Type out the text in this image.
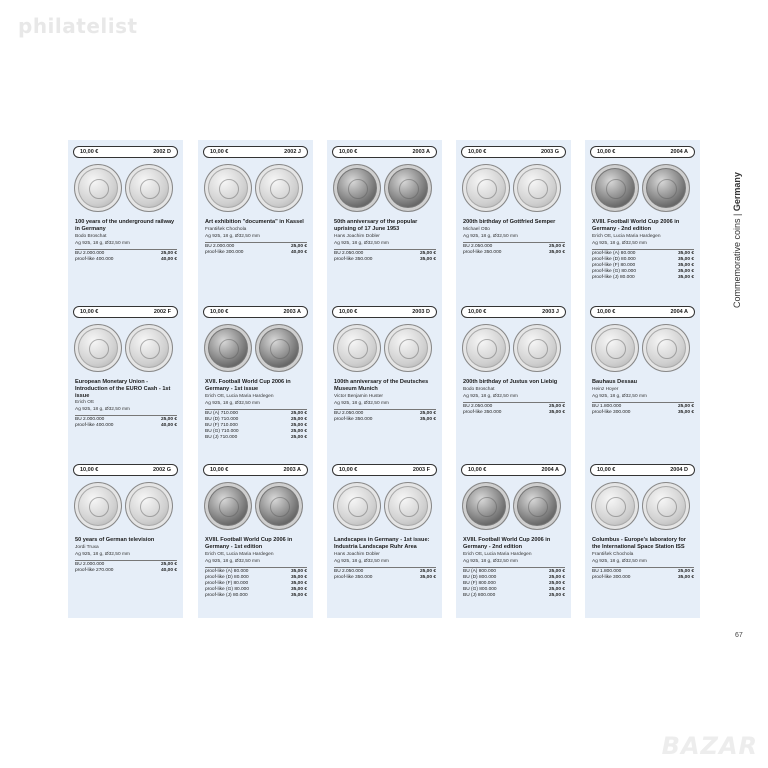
philatelist
BAZAR
10,00 €	2002 D
100 years of the underground railway in Germany
Bodo Broschat
Ag 925, 18 g, Ø32,50 mm
BU 2.000.000	25,00 €
proof-like 400.000	40,00 €
10,00 €	2002 F
European Monetary Union - Introduction of the EURO Cash - 1st issue
Erich Ott
Ag 925, 18 g, Ø32,50 mm
BU 2.000.000	25,00 €
proof-like 400.000	40,00 €
10,00 €	2002 G
50 years of German television
Jordi Truxa
Ag 925, 18 g, Ø32,50 mm
BU 2.000.000	25,00 €
proof-like 270.000	40,00 €
10,00 €	2002 J
Art exhibition "documenta" in Kassel
František Chochola
Ag 925, 18 g, Ø32,50 mm
BU 2.000.000	25,00 €
proof-like 300.000	40,00 €
10,00 €	2003 A
XVII. Football World Cup 2006 in Germany - 1st issue
Erich Ott, Lucia Maria Hardegen
Ag 925, 18 g, Ø32,50 mm
BU (A) 710.000	25,00 €
BU (D) 710.000	25,00 €
BU (F) 710.000	25,00 €
BU (G) 710.000	25,00 €
BU (J) 710.000	25,00 €
10,00 €	2003 A
XVIII. Football World Cup 2006 in Germany - 1st edition
Erich Ott, Lucia Maria Hardegen
Ag 925, 18 g, Ø32,50 mm
proof-like (A) 80.000	35,00 €
proof-like (D) 80.000	35,00 €
proof-like (F) 80.000	35,00 €
proof-like (G) 80.000	35,00 €
proof-like (J) 80.000	35,00 €
10,00 €	2003 A
50th anniversary of the popular uprising of 17 June 1953
Hans Joachim Dobler
Ag 925, 18 g, Ø32,50 mm
BU 2.050.000	25,00 €
proof-like 350.000	35,00 €
10,00 €	2003 D
100th anniversary of the Deutsches Museum Munich
Victor Benjamin Huster
Ag 925, 18 g, Ø32,50 mm
BU 2.050.000	25,00 €
proof-like 350.000	35,00 €
10,00 €	2003 F
Landscapes in Germany - 1st issue: Industria Landscape Ruhr Area
Hans Joachim Dobler
Ag 925, 18 g, Ø32,50 mm
BU 2.050.000	25,00 €
proof-like 350.000	35,00 €
10,00 €	2003 G
200th birthday of Gottfried Semper
Michael Otto
Ag 925, 18 g, Ø32,50 mm
BU 2.050.000	25,00 €
proof-like 350.000	35,00 €
10,00 €	2003 J
200th birthday of Justus von Liebig
Bodo Broschat
Ag 925, 18 g, Ø32,50 mm
BU 2.050.000	25,00 €
proof-like 350.000	35,00 €
10,00 €	2004 A
XVIII. Football World Cup 2006 in Germany - 2nd edition
Erich Ott, Lucia Maria Hardegen
Ag 925, 18 g, Ø32,50 mm
BU (A) 800.000	25,00 €
BU (D) 800.000	25,00 €
BU (F) 800.000	25,00 €
BU (G) 800.000	25,00 €
BU (J) 800.000	25,00 €
10,00 €	2004 A
XVIII. Football World Cup 2006 in Germany - 2nd edition
Erich Ott, Lucia Maria Hardegen
Ag 925, 18 g, Ø32,50 mm
proof-like (A) 80.000	35,00 €
proof-like (D) 80.000	35,00 €
proof-like (F) 80.000	35,00 €
proof-like (G) 80.000	35,00 €
proof-like (J) 80.000	35,00 €
10,00 €	2004 A
Bauhaus Dessau
Heinz Hoyer
Ag 925, 18 g, Ø32,50 mm
BU 1.800.000	25,00 €
proof-like 300.000	35,00 €
10,00 €	2004 D
Columbus - Europe's laboratory for the International Space Station ISS
František Chochola
Ag 925, 18 g, Ø32,50 mm
BU 1.800.000	25,00 €
proof-like 300.000	35,00 €
Commemorative coins | Germany
67
